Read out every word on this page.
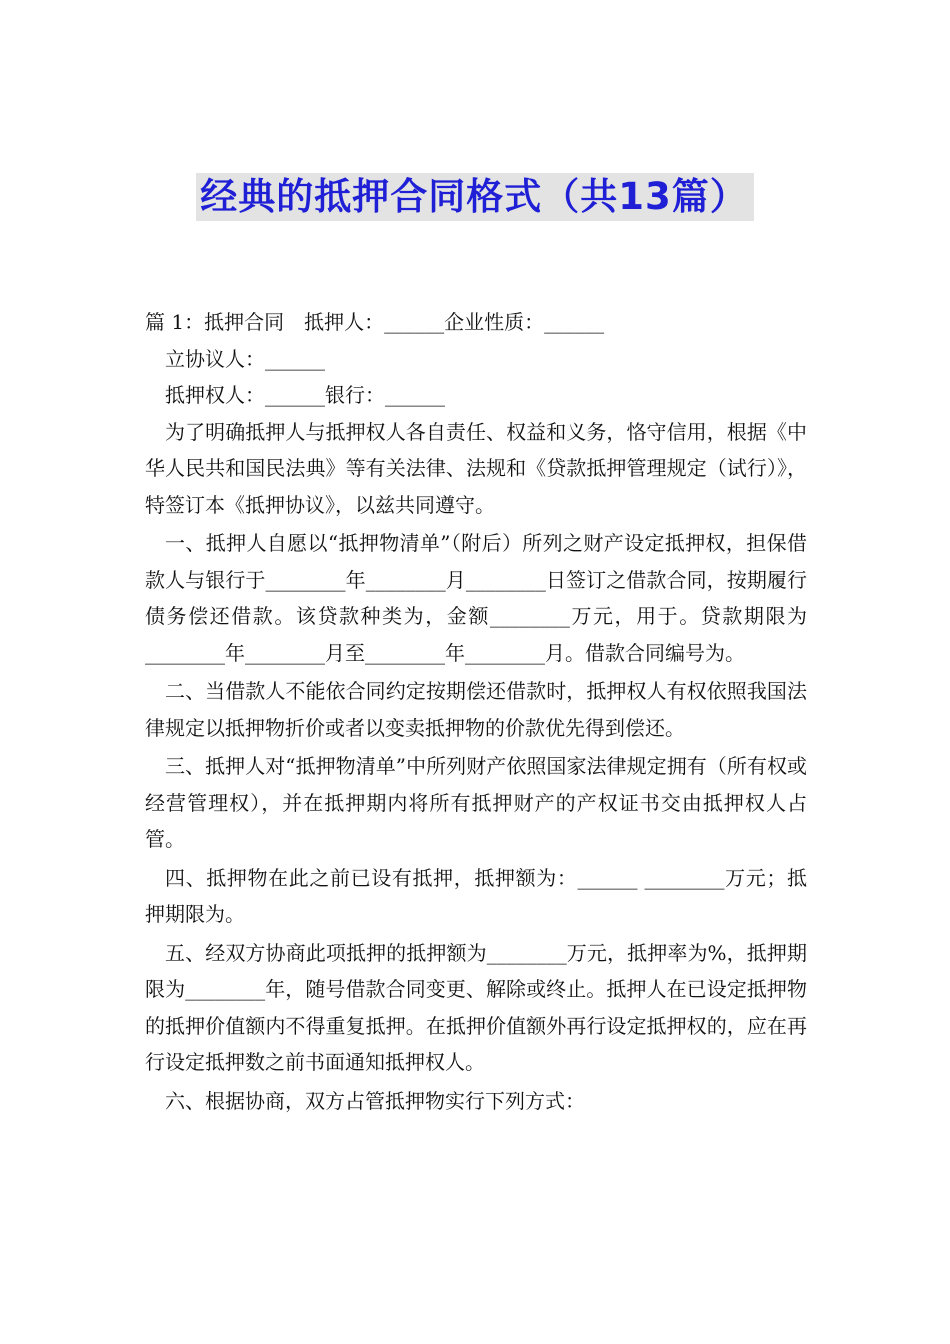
经典的抵押合同格式（共13篇）

篇 1：抵押合同　抵押人：______企业性质：______

立协议人：______

抵押权人：______银行：______

为了明确抵押人与抵押权人各自责任、权益和义务，恪守信用，根据《中华人民共和国民法典》等有关法律、法规和《贷款抵押管理规定（试行）》，特签订本《抵押协议》，以兹共同遵守。

一、抵押人自愿以“抵押物清单”（附后）所列之财产设定抵押权，担保借款人与银行于________年________月________日签订之借款合同，按期履行债务偿还借款。该贷款种类为，金额________万元，用于。贷款期限为________年________月至________年________月。借款合同编号为。

二、当借款人不能依合同约定按期偿还借款时，抵押权人有权依照我国法律规定以抵押物折价或者以变卖抵押物的价款优先得到偿还。

三、抵押人对“抵押物清单”中所列财产依照国家法律规定拥有（所有权或经营管理权），并在抵押期内将所有抵押财产的产权证书交由抵押权人占管。

四、抵押物在此之前已设有抵押，抵押额为：______ ________万元；抵押期限为。

五、经双方协商此项抵押的抵押额为________万元，抵押率为%，抵押期限为________年，随号借款合同变更、解除或终止。抵押人在已设定抵押物的抵押价值额内不得重复抵押。在抵押价值额外再行设定抵押权的，应在再行设定抵押数之前书面通知抵押权人。

六、根据协商，双方占管抵押物实行下列方式：
